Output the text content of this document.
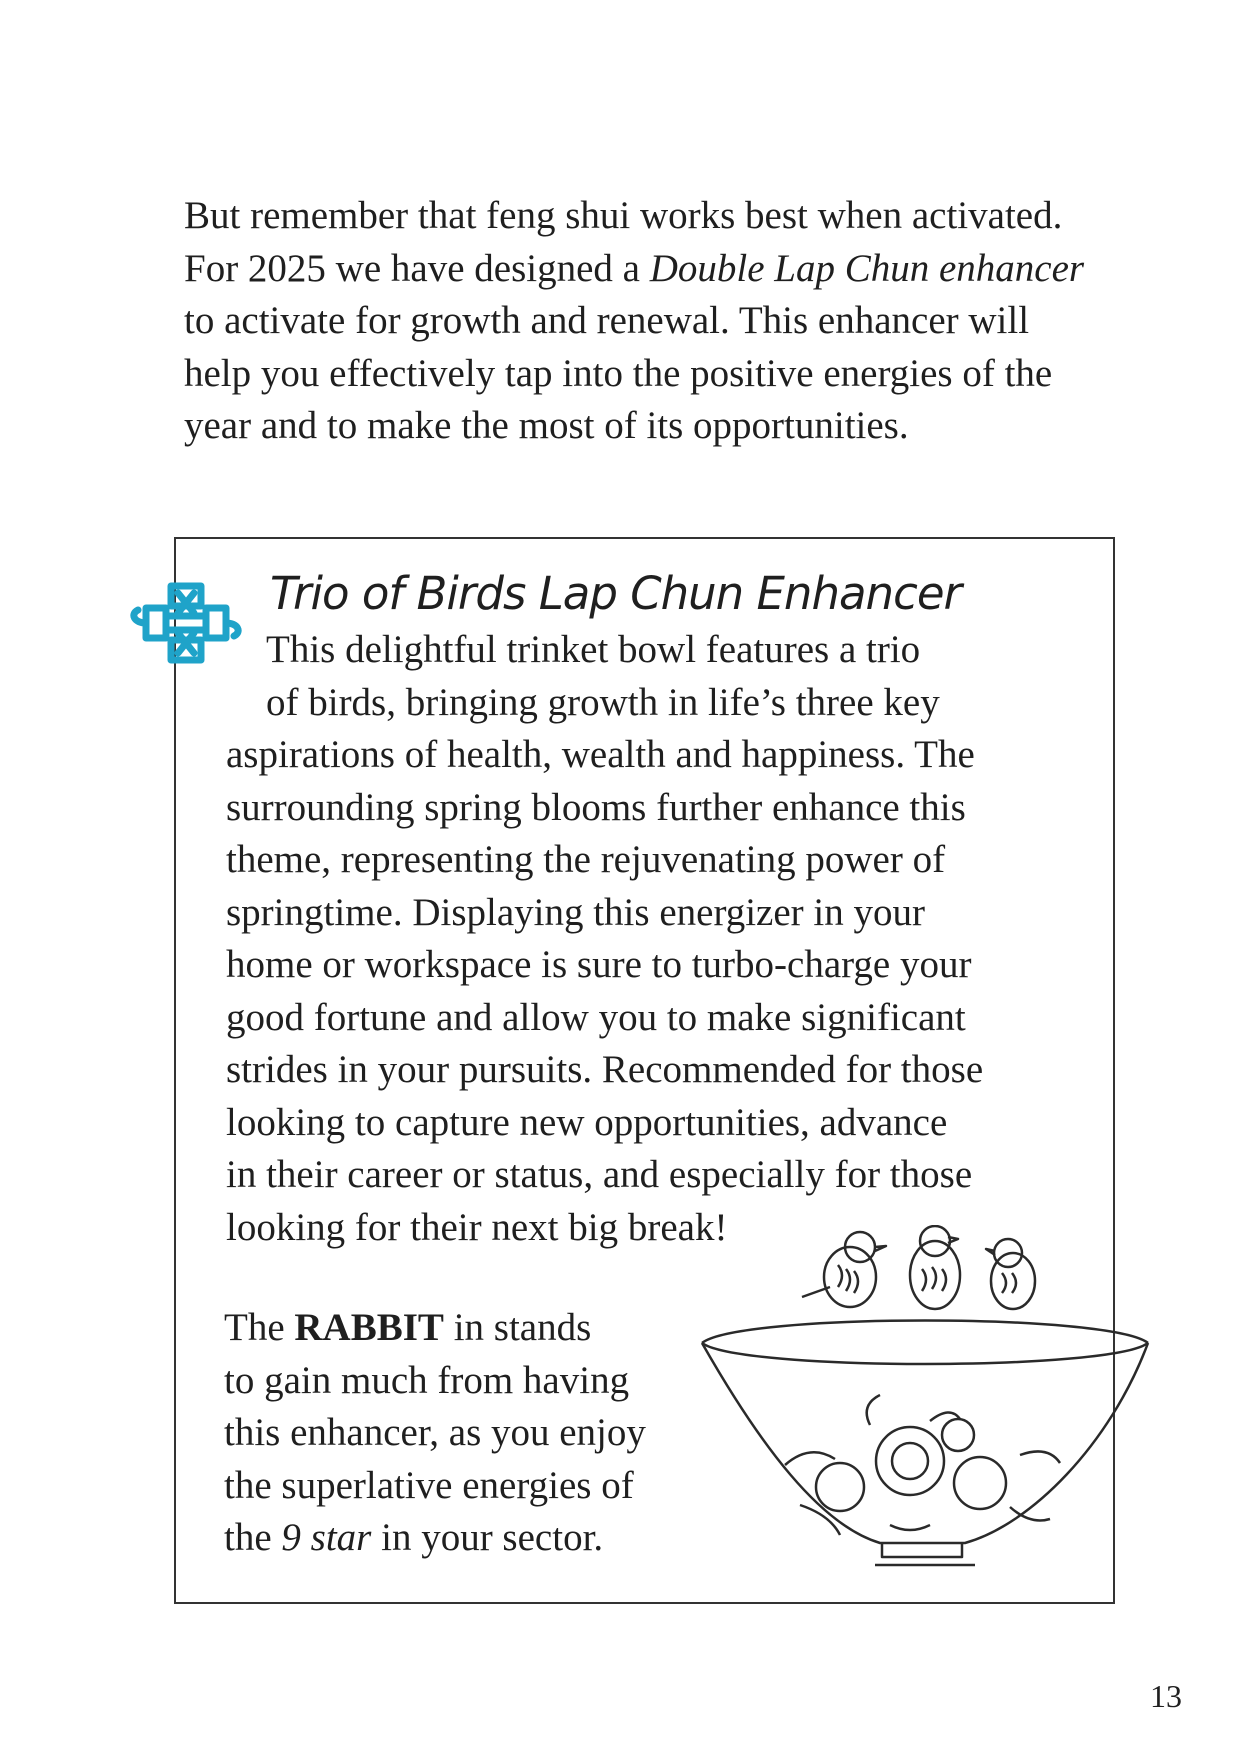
But remember that feng shui works best when activated. For 2025 we have designed a Double Lap Chun enhancer to activate for growth and renewal. This enhancer will help you effectively tap into the positive energies of the year and to make the most of its opportunities.

Trio of Birds Lap Chun Enhancer

This delightful trinket bowl features a trio
of birds, bringing growth in life’s three key
aspirations of health, wealth and happiness. The
surrounding spring blooms further enhance this
theme, representing the rejuvenating power of
springtime. Displaying this energizer in your
home or workspace is sure to turbo-charge your
good fortune and allow you to make significant
strides in your pursuits. Recommended for those
looking to capture new opportunities, advance
in their career or status, and especially for those
looking for their next big break!

The RABBIT in stands
to gain much from having
this enhancer, as you enjoy
the superlative energies of
the 9 star in your sector.

13
